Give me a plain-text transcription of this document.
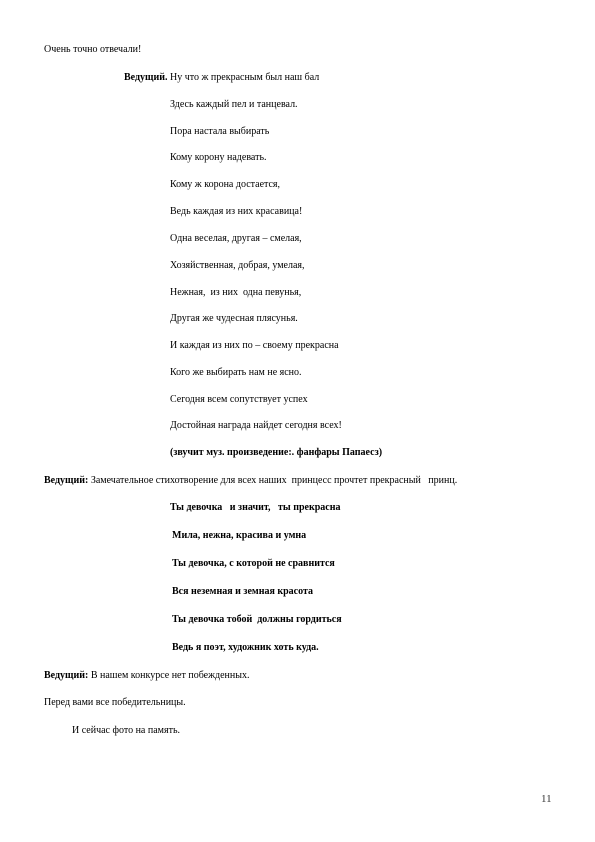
Очень точно отвечали!
Ведущий. Ну что ж прекрасным был наш бал
Здесь каждый пел и танцевал.
Пора настала выбирать
Кому корону надевать.
Кому ж корона достается,
Ведь каждая из них красавица!
Одна веселая, другая – смелая,
Хозяйственная, добрая, умелая,
Нежная,  из них  одна певунья,
Другая же чудесная плясунья.
И каждая из них по – своему прекрасна
Кого же выбирать нам не ясно.
Сегодня всем сопутствует успех
Достойная награда найдет сегодня всех!
(звучит муз. произведение:. фанфары Папаесз)
Ведущий: Замечательное стихотворение для всех наших  принцесс прочтет прекрасный   принц.
Ты девочка   и значит,   ты прекрасна
Мила, нежна, красива и умна
Ты девочка, с которой не сравнится
Вся неземная и земная красота
Ты девочка тобой  должны гордиться
Ведь я поэт, художник хоть куда.
Ведущий: В нашем конкурсе нет побежденных.
Перед вами все победительницы.
И сейчас фото на память.
11
